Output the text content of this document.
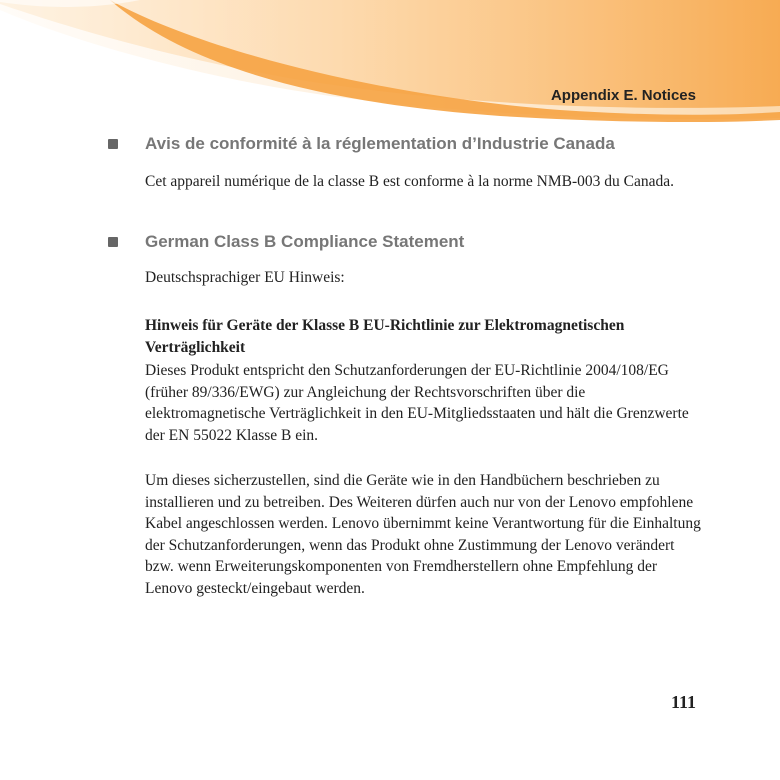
Appendix E. Notices
Avis de conformité à la réglementation d’Industrie Canada
Cet appareil numérique de la classe B est conforme à la norme NMB-003 du Canada.
German Class B Compliance Statement
Deutschsprachiger EU Hinweis:
Hinweis für Geräte der Klasse B EU-Richtlinie zur Elektromagnetischen Verträglichkeit
Dieses Produkt entspricht den Schutzanforderungen der EU-Richtlinie 2004/108/EG (früher 89/336/EWG) zur Angleichung der Rechtsvorschriften über die elektromagnetische Verträglichkeit in den EU-Mitgliedsstaaten und hält die Grenzwerte der EN 55022 Klasse B ein.
Um dieses sicherzustellen, sind die Geräte wie in den Handbüchern beschrieben zu installieren und zu betreiben. Des Weiteren dürfen auch nur von der Lenovo empfohlene Kabel angeschlossen werden. Lenovo übernimmt keine Verantwortung für die Einhaltung der Schutzanforderungen, wenn das Produkt ohne Zustimmung der Lenovo verändert bzw. wenn Erweiterungskomponenten von Fremdherstellern ohne Empfehlung der Lenovo gesteckt/eingebaut werden.
111
